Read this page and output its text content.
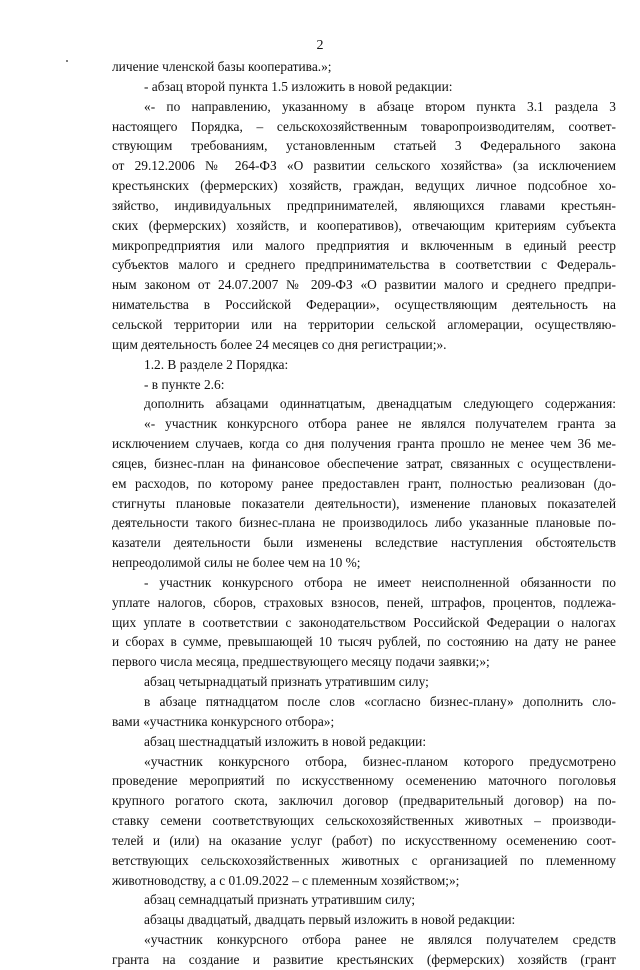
2
личение членской базы кооператива.»;
- абзац второй пункта 1.5 изложить в новой редакции:
«- по направлению, указанному в абзаце втором пункта 3.1 раздела 3
настоящего Порядка, – сельскохозяйственным товаропроизводителям, соответ-
ствующим требованиям, установленным статьей 3 Федерального закона
от 29.12.2006 № 264-ФЗ «О развитии сельского хозяйства» (за исключением
крестьянских (фермерских) хозяйств, граждан, ведущих личное подсобное хо-
зяйство, индивидуальных предпринимателей, являющихся главами крестьян-
ских (фермерских) хозяйств, и кооперативов), отвечающим критериям субъекта
микропредприятия или малого предприятия и включенным в единый реестр
субъектов малого и среднего предпринимательства в соответствии с Федераль-
ным законом от 24.07.2007 № 209-ФЗ «О развитии малого и среднего предпри-
нимательства в Российской Федерации», осуществляющим деятельность на
сельской территории или на территории сельской агломерации, осуществляю-
щим деятельность более 24 месяцев со дня регистрации;».
1.2. В разделе 2 Порядка:
- в пункте 2.6:
дополнить абзацами одиннатцатым, двенадцатым следующего содержания:
«- участник конкурсного отбора ранее не являлся получателем гранта за
исключением случаев, когда со дня получения гранта прошло не менее чем 36 ме-
сяцев, бизнес-план на финансовое обеспечение затрат, связанных с осуществлени-
ем расходов, по которому ранее предоставлен грант, полностью реализован (до-
стигнуты плановые показатели деятельности), изменение плановых показателей
деятельности такого бизнес-плана не производилось либо указанные плановые по-
казатели деятельности были изменены вследствие наступления обстоятельств
непреодолимой силы не более чем на 10 %;
- участник конкурсного отбора не имеет неисполненной обязанности по
уплате налогов, сборов, страховых взносов, пеней, штрафов, процентов, подлежа-
щих уплате в соответствии с законодательством Российской Федерации о налогах
и сборах в сумме, превышающей 10 тысяч рублей, по состоянию на дату не ранее
первого числа месяца, предшествующего месяцу подачи заявки;»;
абзац четырнадцатый признать утратившим силу;
в абзаце пятнадцатом после слов «согласно бизнес-плану» дополнить сло-
вами «участника конкурсного отбора»;
абзац шестнадцатый изложить в новой редакции:
«участник конкурсного отбора, бизнес-планом которого предусмотрено
проведение мероприятий по искусственному осеменению маточного поголовья
крупного рогатого скота, заключил договор (предварительный договор) на по-
ставку семени соответствующих сельскохозяйственных животных – производи-
телей и (или) на оказание услуг (работ) по искусственному осеменению соот-
ветствующих сельскохозяйственных животных с организацией по племенному
животноводству, а с 01.09.2022 – с племенным хозяйством;»;
абзац семнадцатый признать утратившим силу;
абзацы двадцатый, двадцать первый изложить в новой редакции:
«участник конкурсного отбора ранее не являлся получателем средств
гранта на создание и развитие крестьянских (фермерских) хозяйств (грант
